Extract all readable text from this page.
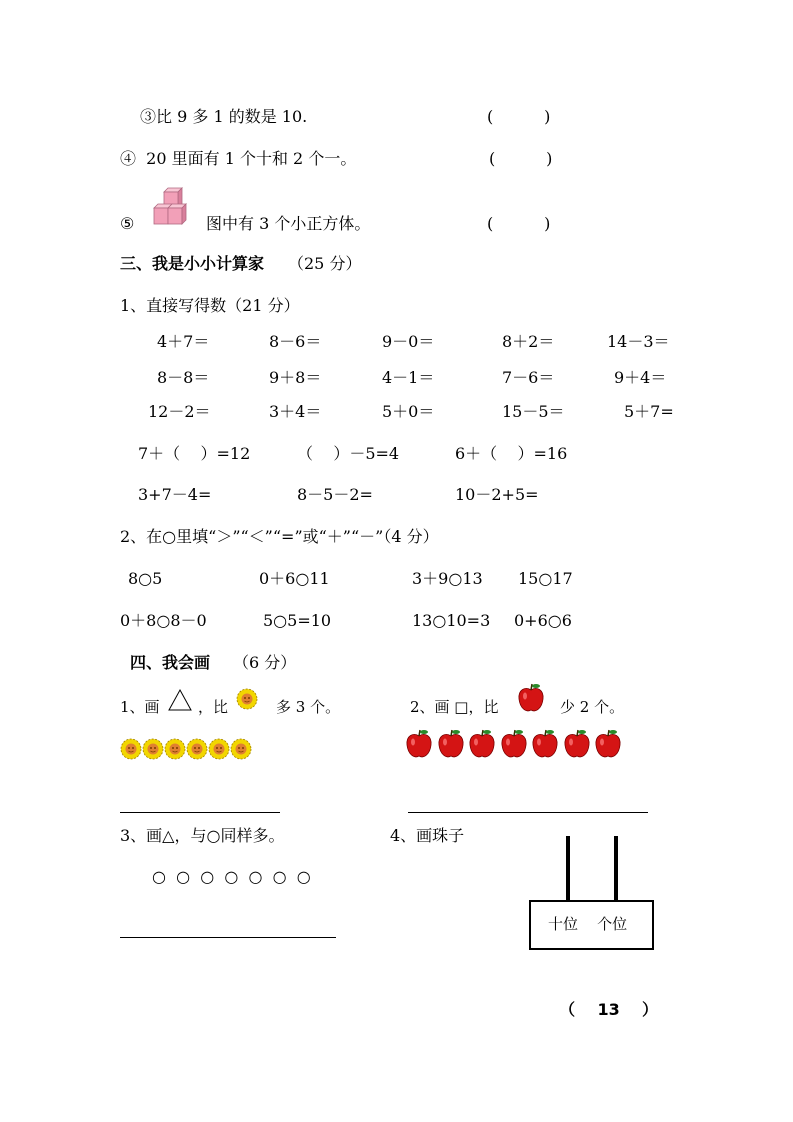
③比 9 多 1 的数是 10.	(          )
④  20 里面有 1 个十和 2 个一。	(          )
⑤	图中有 3 个小正方体。	(          )
三、我是小小计算家 （25 分）
1、直接写得数（21 分）
4＋7＝	8－6＝	9－0＝	8＋2＝	14－3＝
8－8＝	9＋8＝	4－1＝	7－6＝	9＋4＝
12－2＝	3＋4＝	5＋0＝	15－5＝	5＋7=
7＋（    ）=12	（    ）－5=4	6＋（    ）=16
3+7－4=	8－5－2=	10－2+5=
2、在○里填“＞”“＜”“=”或“＋”“－”（4 分）
8○5	0＋6○11	3＋9○13 15○17
0＋8○8－0	5○5=10	13○10=3 0+6○6
四、我会画 （6 分）
1、画	，比	多 3 个。	2、画 □，比	少 2 个。
3、画△，与○同样多。	4、画珠子
○  ○  ○  ○  ○  ○  ○
十位    个位

（    13    ）
